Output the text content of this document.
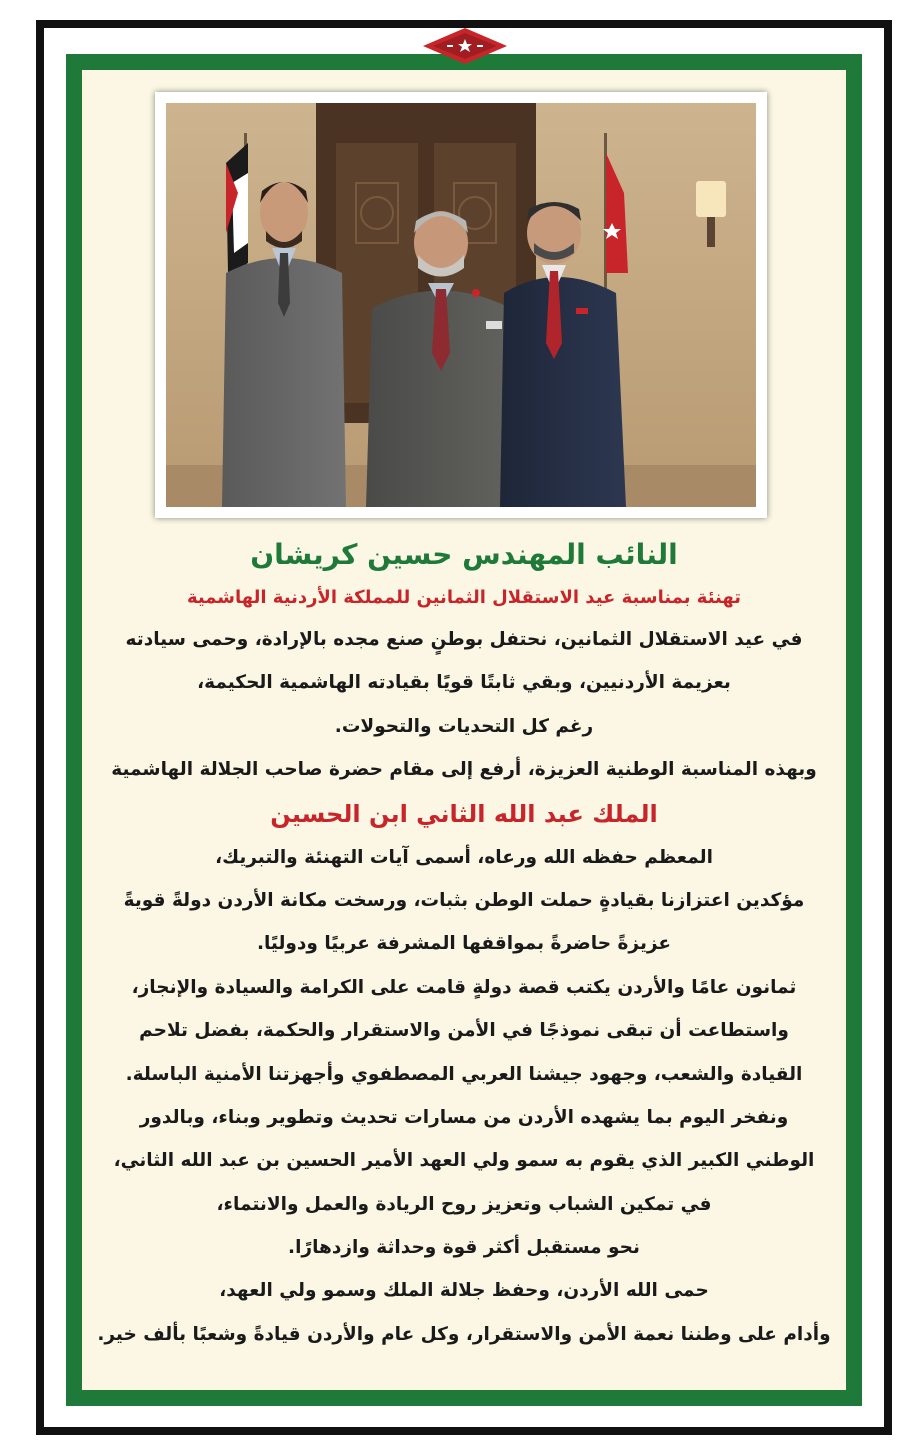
النائب المهندس حسين كريشان
تهنئة بمناسبة عيد الاستقلال الثمانين للمملكة الأردنية الهاشمية
في عيد الاستقلال الثمانين، نحتفل بوطنٍ صنع مجده بالإرادة، وحمى سيادته
بعزيمة الأردنيين، وبقي ثابتًا قويًا بقيادته الهاشمية الحكيمة،
رغم كل التحديات والتحولات.
وبهذه المناسبة الوطنية العزيزة، أرفع إلى مقام حضرة صاحب الجلالة الهاشمية
الملك عبد الله الثاني ابن الحسين
المعظم حفظه الله ورعاه، أسمى آيات التهنئة والتبريك،
مؤكدين اعتزازنا بقيادةٍ حملت الوطن بثبات، ورسخت مكانة الأردن دولةً قويةً
عزيزةً حاضرةً بمواقفها المشرفة عربيًا ودوليًا.
ثمانون عامًا والأردن يكتب قصة دولةٍ قامت على الكرامة والسيادة والإنجاز،
واستطاعت أن تبقى نموذجًا في الأمن والاستقرار والحكمة، بفضل تلاحم
القيادة والشعب، وجهود جيشنا العربي المصطفوي وأجهزتنا الأمنية الباسلة.
ونفخر اليوم بما يشهده الأردن من مسارات تحديث وتطوير وبناء، وبالدور
الوطني الكبير الذي يقوم به سمو ولي العهد الأمير الحسين بن عبد الله الثاني،
في تمكين الشباب وتعزيز روح الريادة والعمل والانتماء،
نحو مستقبل أكثر قوة وحداثة وازدهارًا.
حمى الله الأردن، وحفظ جلالة الملك وسمو ولي العهد،
وأدام على وطننا نعمة الأمن والاستقرار، وكل عام والأردن قيادةً وشعبًا بألف خير.
